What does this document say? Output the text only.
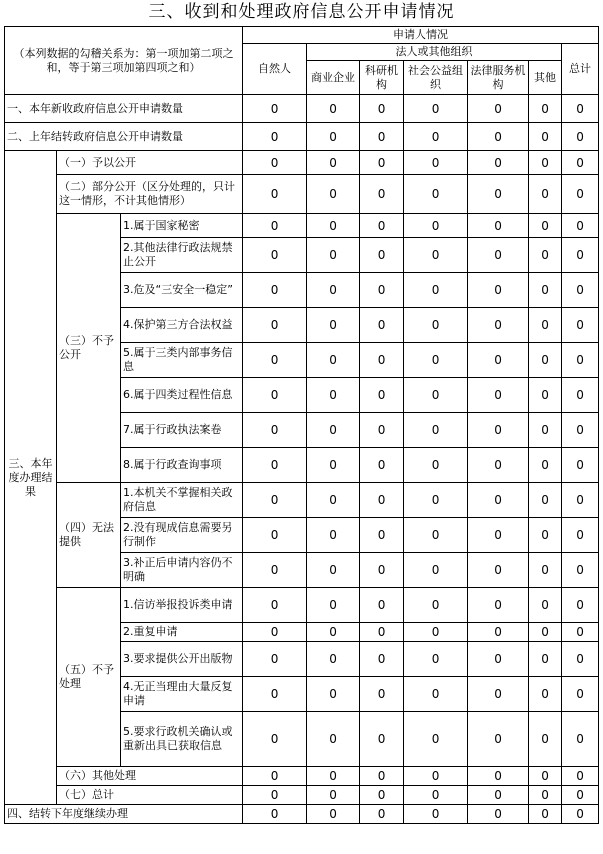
三、收到和处理政府信息公开申请情况
（本列数据的勾稽关系为：第一项加第二项之和，等于第三项加第四项之和）			申请人情况						
			自然人	法人或其他组织					总计
				商业企业	科研机构	社会公益组织	法律服务机构	其他	
一、本年新收政府信息公开申请数量			0	0	0	0	0	0	0
二、上年结转政府信息公开申请数量			0	0	0	0	0	0	0
三、本年度办理结果	（一）予以公开		0	0	0	0	0	0	0
	（二）部分公开（区分处理的，只计这一情形，不计其他情形）		0	0	0	0	0	0	0
	（三）不予公开	1.属于国家秘密	0	0	0	0	0	0	0
		2.其他法律行政法规禁止公开	0	0	0	0	0	0	0
		3.危及“三安全一稳定”	0	0	0	0	0	0	0
		4.保护第三方合法权益	0	0	0	0	0	0	0
		5.属于三类内部事务信息	0	0	0	0	0	0	0
		6.属于四类过程性信息	0	0	0	0	0	0	0
		7.属于行政执法案卷	0	0	0	0	0	0	0
		8.属于行政查询事项	0	0	0	0	0	0	0
	（四）无法提供	1.本机关不掌握相关政府信息	0	0	0	0	0	0	0
		2.没有现成信息需要另行制作	0	0	0	0	0	0	0
		3.补正后申请内容仍不明确	0	0	0	0	0	0	0
	（五）不予处理	1.信访举报投诉类申请	0	0	0	0	0	0	0
		2.重复申请	0	0	0	0	0	0	0
		3.要求提供公开出版物	0	0	0	0	0	0	0
		4.无正当理由大量反复申请	0	0	0	0	0	0	0
		5.要求行政机关确认或重新出具已获取信息	0	0	0	0	0	0	0
	（六）其他处理		0	0	0	0	0	0	0
	（七）总计		0	0	0	0	0	0	0
四、结转下年度继续办理			0	0	0	0	0	0	0
